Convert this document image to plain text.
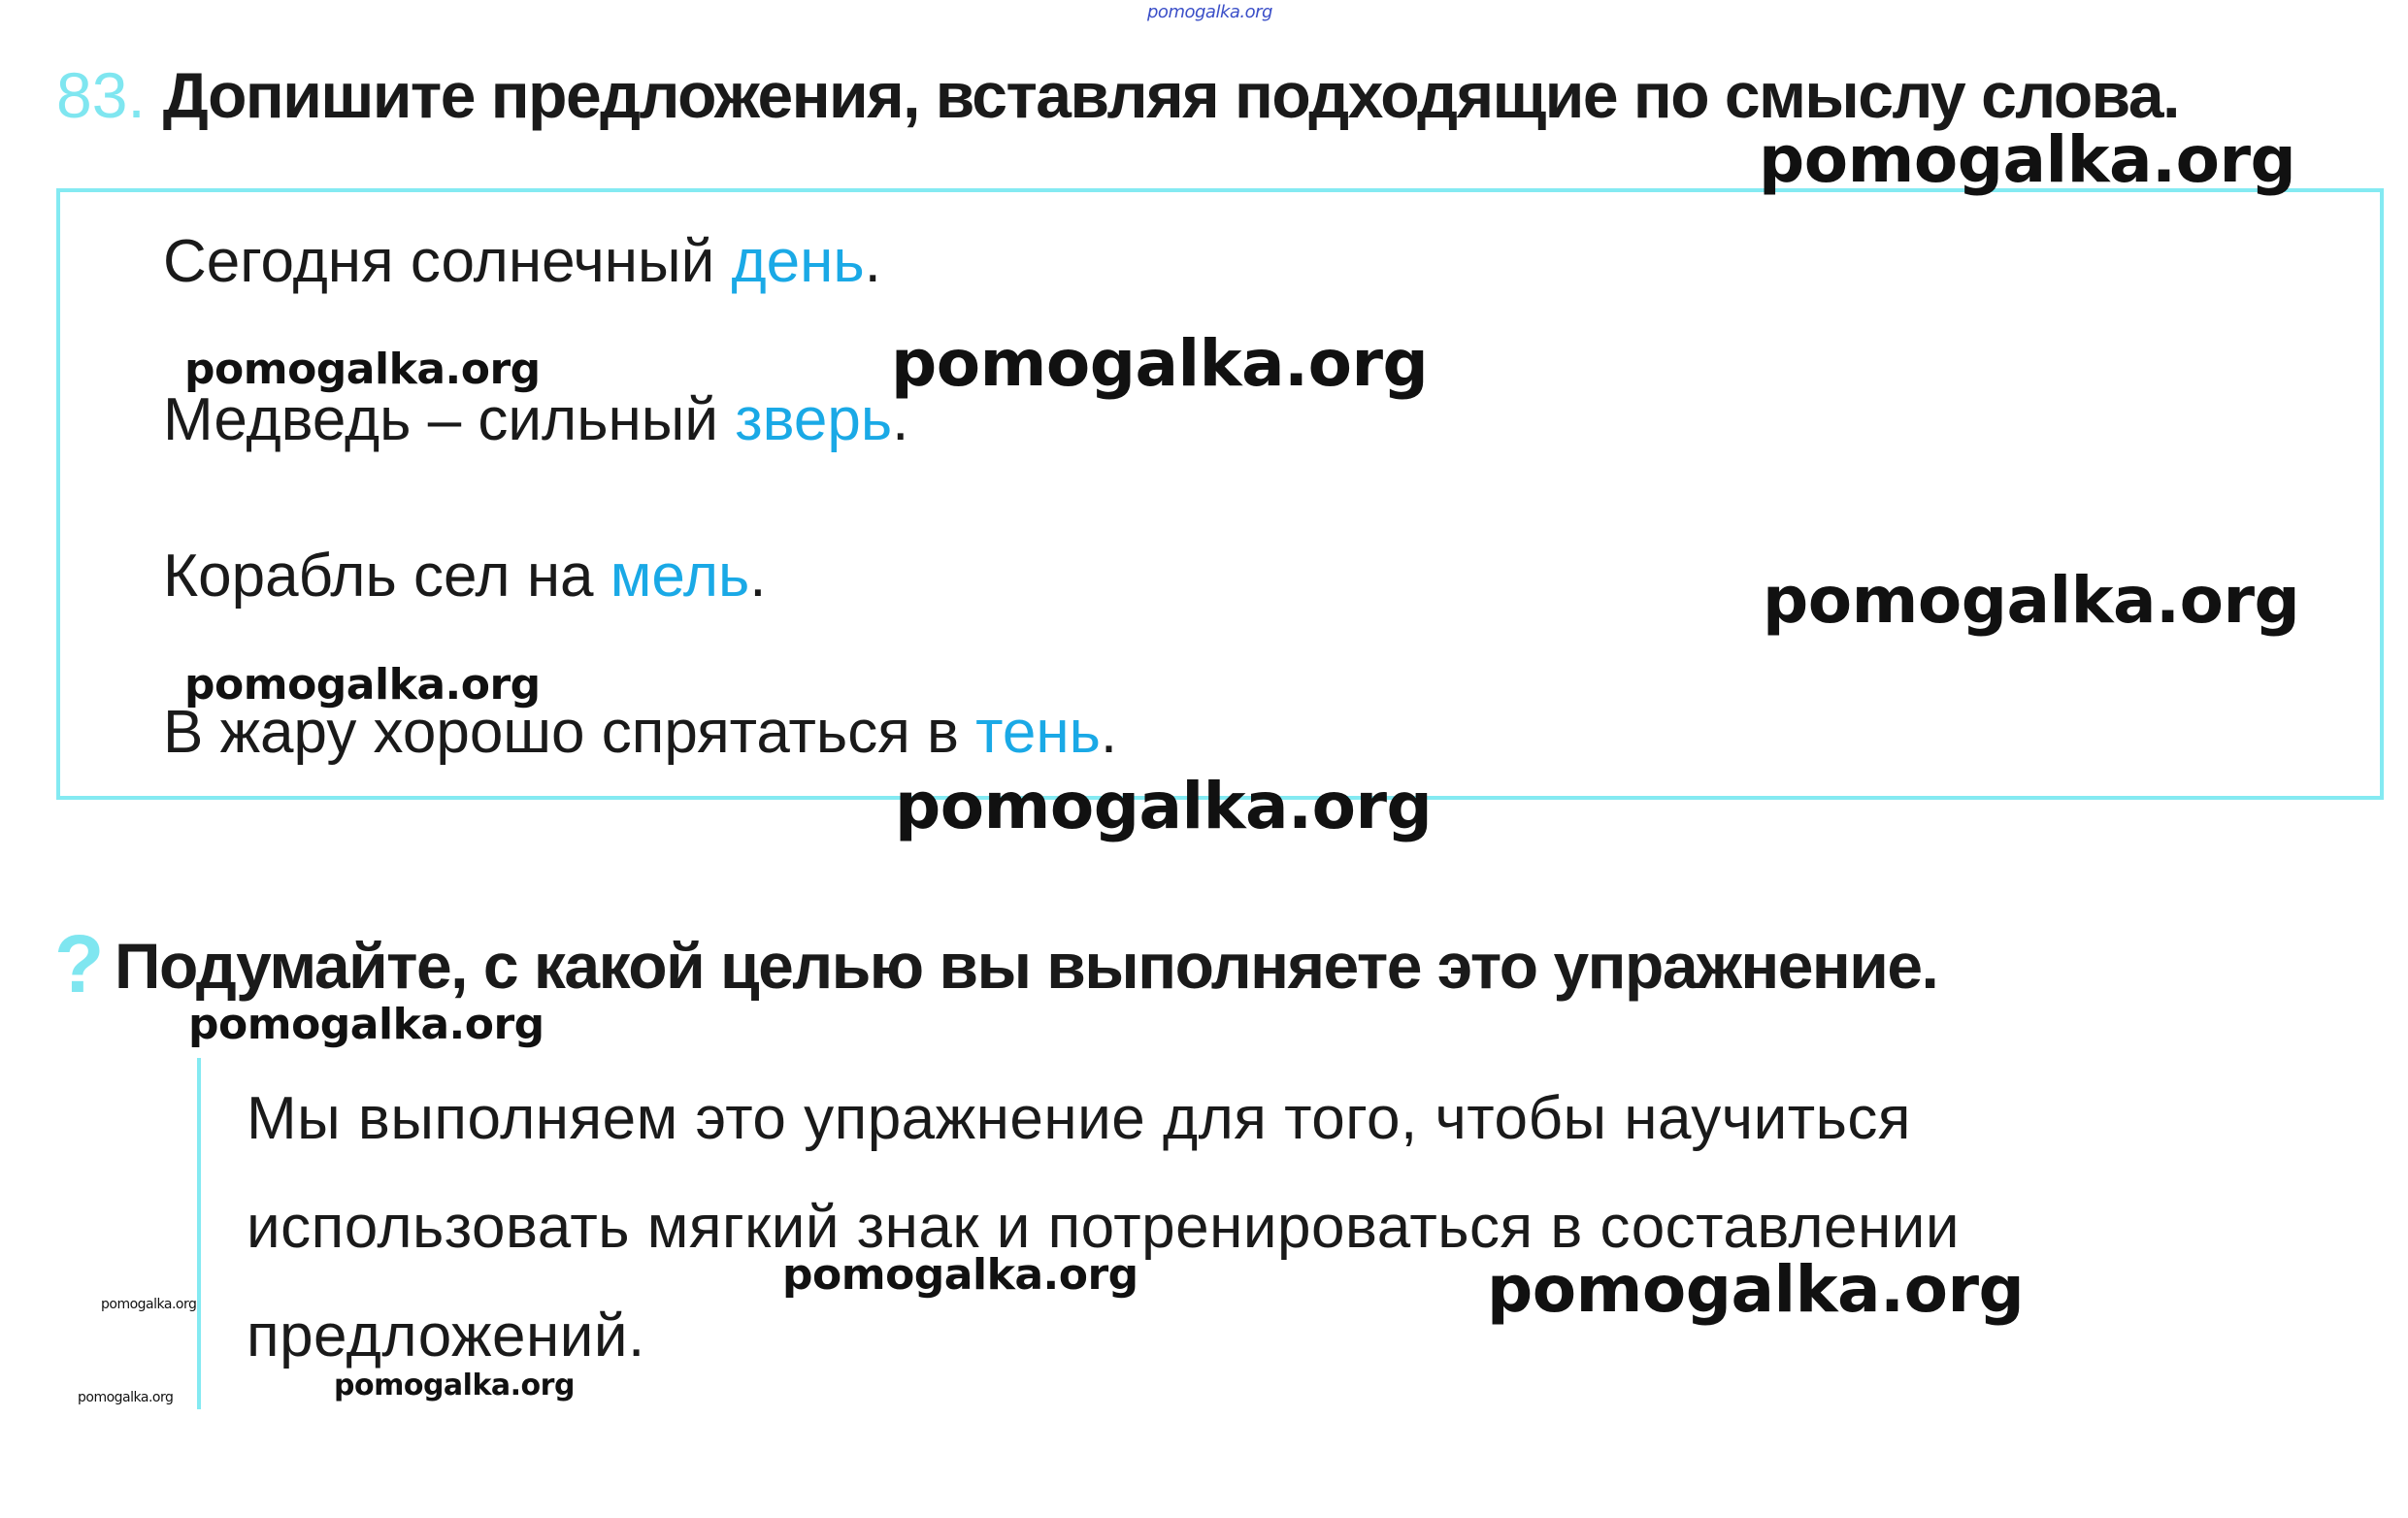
pomogalka.org
83. Допишите предложения, вставляя подходящие по смыслу слова.
Сегодня солнечный день.
Медведь – сильный зверь.
Корабль сел на мель.
В жару хорошо спрятаться в тень.
? Подумайте, с какой целью вы выполняете это упражнение.
Мы выполняем это упражнение для того, чтобы научиться
использовать мягкий знак и потренироваться в составлении
предложений.
pomogalka.org
pomogalka.org
pomogalka.org
pomogalka.org
pomogalka.org
pomogalka.org
pomogalka.org
pomogalka.org	pomogalka.org
pomogalka.org
pomogalka.org
pomogalka.org
